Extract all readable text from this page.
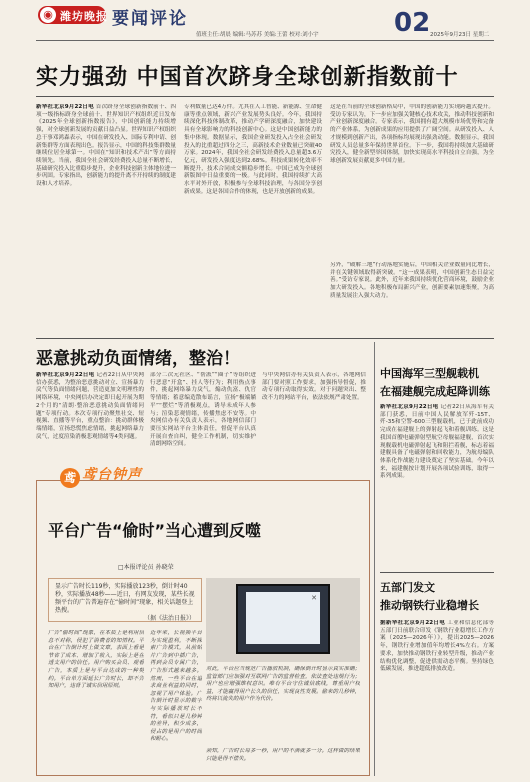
◉ 潍坊晚报 要闻评论
值班主任:胡晨 编辑:马苏苏 美编:王蕾 校对:刘小宇	02 2025年9月23日 星期二
实力强劲 中国首次跻身全球创新指数前十
新华社北京9月22日电 首次跻身全球创新指数前十、四项一级指标跻身全球前十、世界知识产权组织近日发布《2025年全球创新指数报告》，中国创新能力持续增强，对全球创新发展的贡献日益凸显。世界知识产权组织总干事邓鸿森表示，中国在研发投入、国际专利申请、创新集群等方面表现出色。报告显示，中国的科技集群数量继续位居全球第一。中国在“知识和技术产出”等方面持续领先。当前，我国全社会研发经费投入总量不断增长，基础研究投入比重稳步提升，企业科技创新主体地位进一步巩固。专家指出，创新能力的提升离不开持续的制度建设和人才培养。
专利数量已达4万件。尤其在人工智能、新能源、生命健康等重点领域，新兴产业发展势头良好。今年，我国持续深化科技体制改革，推动产学研深度融合，加快建设具有全球影响力的科技创新中心。这是中国创新能力的集中体现。数据显示，我国企业研发投入占全社会研发投入的比重超过四分之三，高新技术企业数量已突破40万家。2024年，我国全社会研发经费投入总量超3.6万亿元，研发投入强度达到2.68%。科技成果转化效率不断提升，技术合同成交额稳步增长。中国已成为全球创新版图中日益重要的一极。与此同时，我国持续扩大高水平对外开放，积极参与全球科技治理，与各国分享创新成果。这是各国合作的体现，也是开放创新的成果。
这是在当前的全球创新格局中，中国的创新能力实现跨越式提升。受访专家认为，下一步应加强关键核心技术攻关，推动科技创新和产业创新深度融合。专家表示，我国拥有超大规模市场优势和完备的产业体系，为创新成果的应用提供了广阔空间。从研发投入、人才规模到创新产出，各项指标均展现出强劲动能。数据显示，我国研发人员总量多年保持世界首位。下一步，我国将持续加大基础研究投入，健全新型举国体制，加快实现高水平科技自立自强，为全球创新发展贡献更多中国力量。
另外，“破解三地”行动落地实施后，中国相关企业数量同比增长，并在关键领域取得新突破。“这一成果表明，中国创新生态日益完善。”受访专家说。此外，近年来我国持续优化营商环境，鼓励企业加大研发投入。各地积极布局新兴产业，创新要素加速集聚，为高质量发展注入强大动力。
恶意挑动负面情绪，整治！
新华社北京9月22日电 记者22日从中央网信办获悉，为整治恶意挑动对立、宣扬暴力戾气等负面情绪问题，营造更加文明理性的网络环境，中央网信办决定即日起开展为期2个月的“清朗·整治恶意挑动负面情绪问题”专项行动。本次专项行动聚焦社交、短视频、直播等平台，重点整治：挑动群体极端情绪，宣扬恐慌焦虑情绪，挑起网络暴力戾气，过度渲染消极悲观情绪等4类问题。
部分二次元社区、“帮派”“圈子”等组织进行恶意“开盒”、挂人等行为；利用热点事件，挑起网络暴力戾气，煽动仇富、仇官等情绪；蓄意编造散布谣言，宣扬“极端躺平”“摆烂”等消极观点，诱导未成年人参与；渲染悲观情绪，传播焦虑不安等。中央网信办有关负责人表示，各地网信部门要压实网站平台主体责任，督促平台认真开展自查自纠，健全工作机制，切实维护清朗网络空间。
与中央网信办有关负责人表示，各地网信部门要对照工作要求，加强指导督促，推动专项行动取得实效。对于问题突出、整改不力的网站平台，依法依规严肃处置。
中国海军三型舰载机
在福建舰完成起降训练
新华社北京9月22日电 记者22日从海军有关部门获悉，日前中国人民解放军歼-15T、歼-35和空警-600三型舰载机，已于此前成功完成在福建舰上的弹射起飞和着舰训练。这是我国首艘电磁弹射型航空母舰福建舰，首次实现舰载机电磁弹射起飞和阻拦着舰，标志着福建舰具备了电磁弹射和回收能力，为航母编队体系化作战能力建设奠定了坚实基础。今年以来，福建舰按计划开展各项试验训练，取得一系列成果。
五部门发文
推动钢铁行业稳增长
据新华社北京9月22日电 工业和信息化部等五部门日前联合印发《钢铁行业稳增长工作方案（2025—2026年）》，提出2025—2026年，钢铁行业增加值年均增长4%左右。方案要求，加快推动钢铁行业转型升级，推动产业结构优化调整，促进供需动态平衡。坚持绿色低碳发展，推进超低排放改造。
鸢 鸢台钟声
平台广告“偷时”当心遭到反噬
□本报评论员 孙晓荣
显示广告时长119秒，实际播放123秒，倒计时40秒，实际播放48秒——近日，有网友发现，某些长视频平台的广告普遍存在“偷时间”现象，相关话题登上热搜。
（据《法治日报》）
✕
广告“偷时间”现象，在本质上是利用信息不对称，侵犯了消费者的知情权。平台在广告倒计时上做文章，表面上看是节省了成本、增加了收入，实际上是在透支用户的信任。用户购买会员、观看广告，本质上是与平台达成的一种契约。平台单方面延长广告时长，却不告知用户，违背了诚实信用原则。
近年来，长视频平台为实现盈利，不断探索广告模式，从前贴片广告到中插广告，再到会员专属广告，广告形式越来越多。然而，一些平台在追求商业利益的同时，忽视了用户体验。广告倒计时显示的数字与实际播放时长不符，看似只是几秒钟的差异，积少成多，侵占的是用户的时间和耐心。
对此，平台应当规范广告播放机制，确保倒计时显示真实准确；监管部门应加强对互联网广告的监督检查，依法查处违规行为；用户也应增强维权意识。唯有平台守住诚信底线，尊重用户权益，才能赢得用户长久的信任，实现良性发展。偷来的几秒钟，终将以流失的用户作为代价。
须知，广告时长每多一秒，用户的不满就多一分。这样做的结果只能是得不偿失。
